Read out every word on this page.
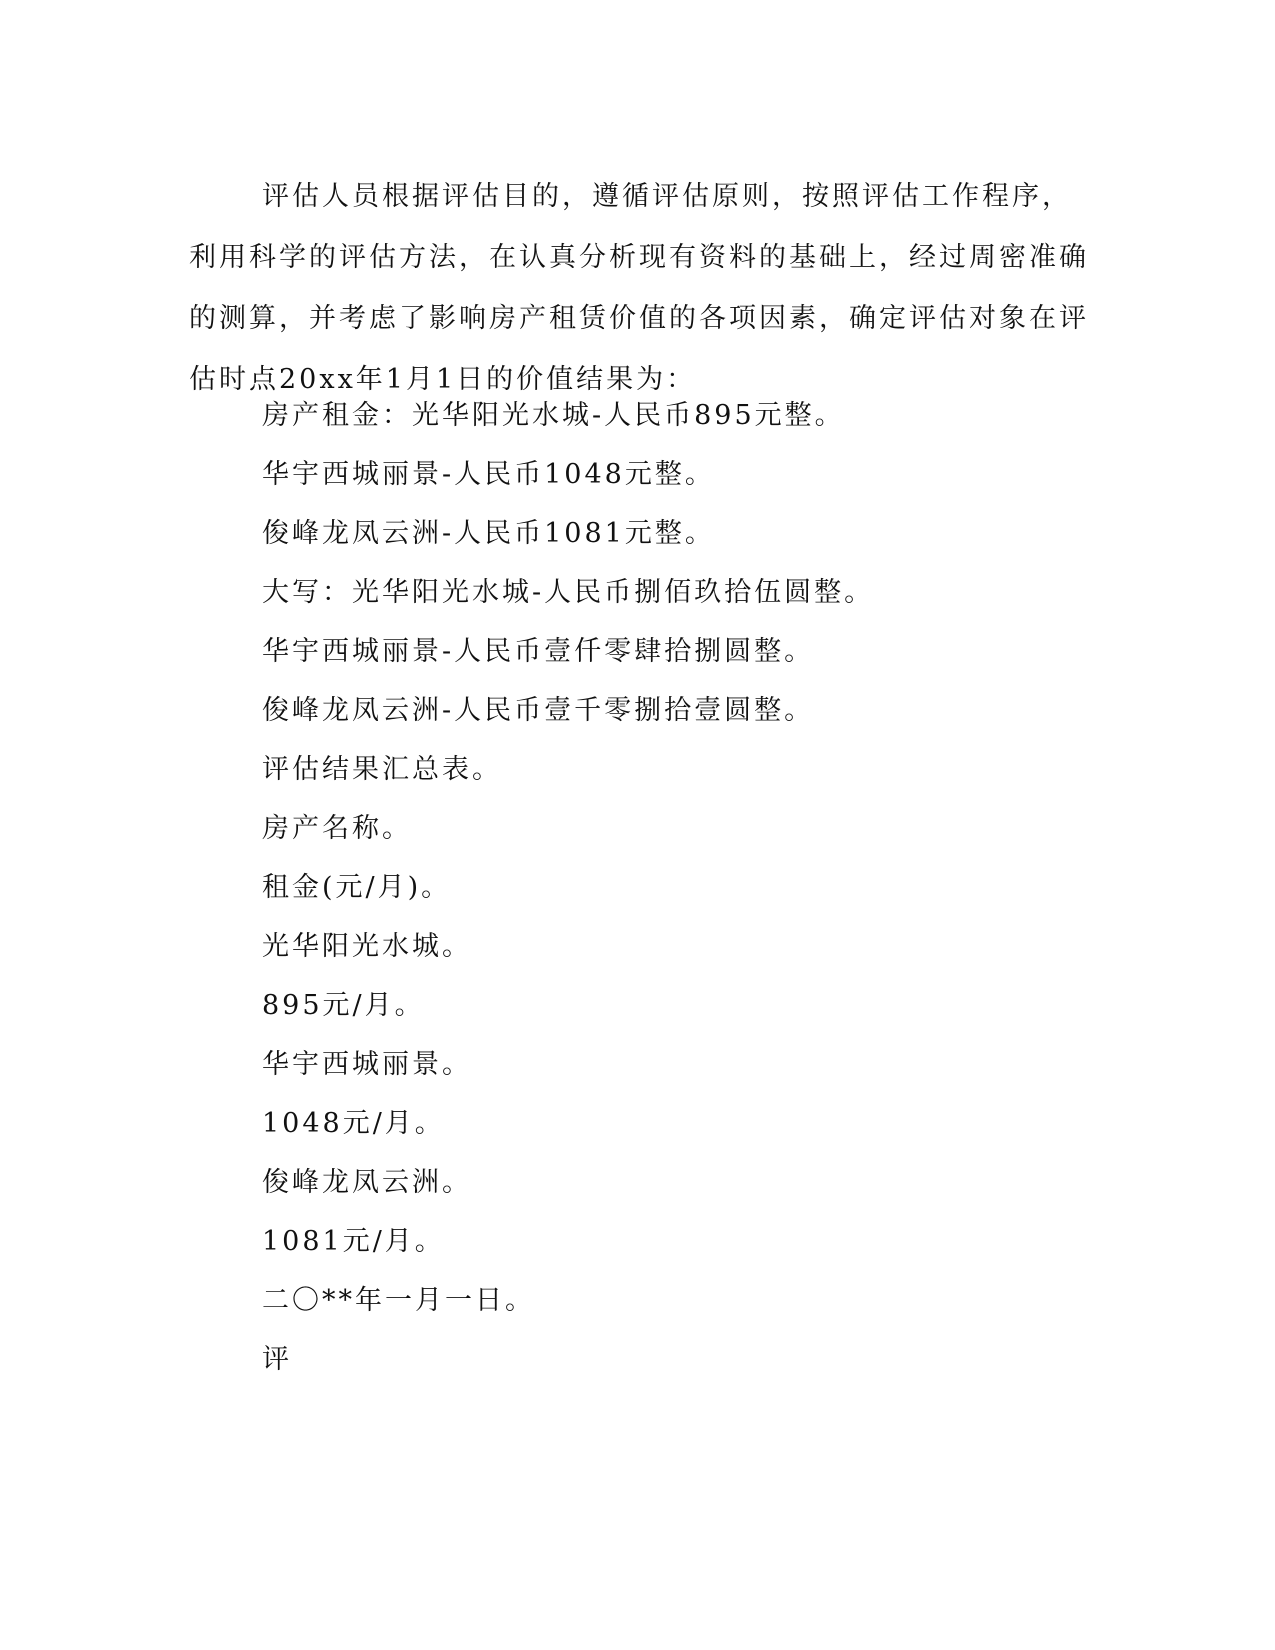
评估人员根据评估目的，遵循评估原则，按照评估工作程序，利用科学的评估方法，在认真分析现有资料的基础上，经过周密准确的测算，并考虑了影响房产租赁价值的各项因素，确定评估对象在评估时点20xx年1月1日的价值结果为：

房产租金：光华阳光水城-人民币895元整。

华宇西城丽景-人民币1048元整。

俊峰龙凤云洲-人民币1081元整。

大写：光华阳光水城-人民币捌佰玖拾伍圆整。

华宇西城丽景-人民币壹仟零肆拾捌圆整。

俊峰龙凤云洲-人民币壹千零捌拾壹圆整。

评估结果汇总表。

房产名称。

租金(元/月)。

光华阳光水城。

895元/月。

华宇西城丽景。

1048元/月。

俊峰龙凤云洲。

1081元/月。

二〇**年一月一日。

评
